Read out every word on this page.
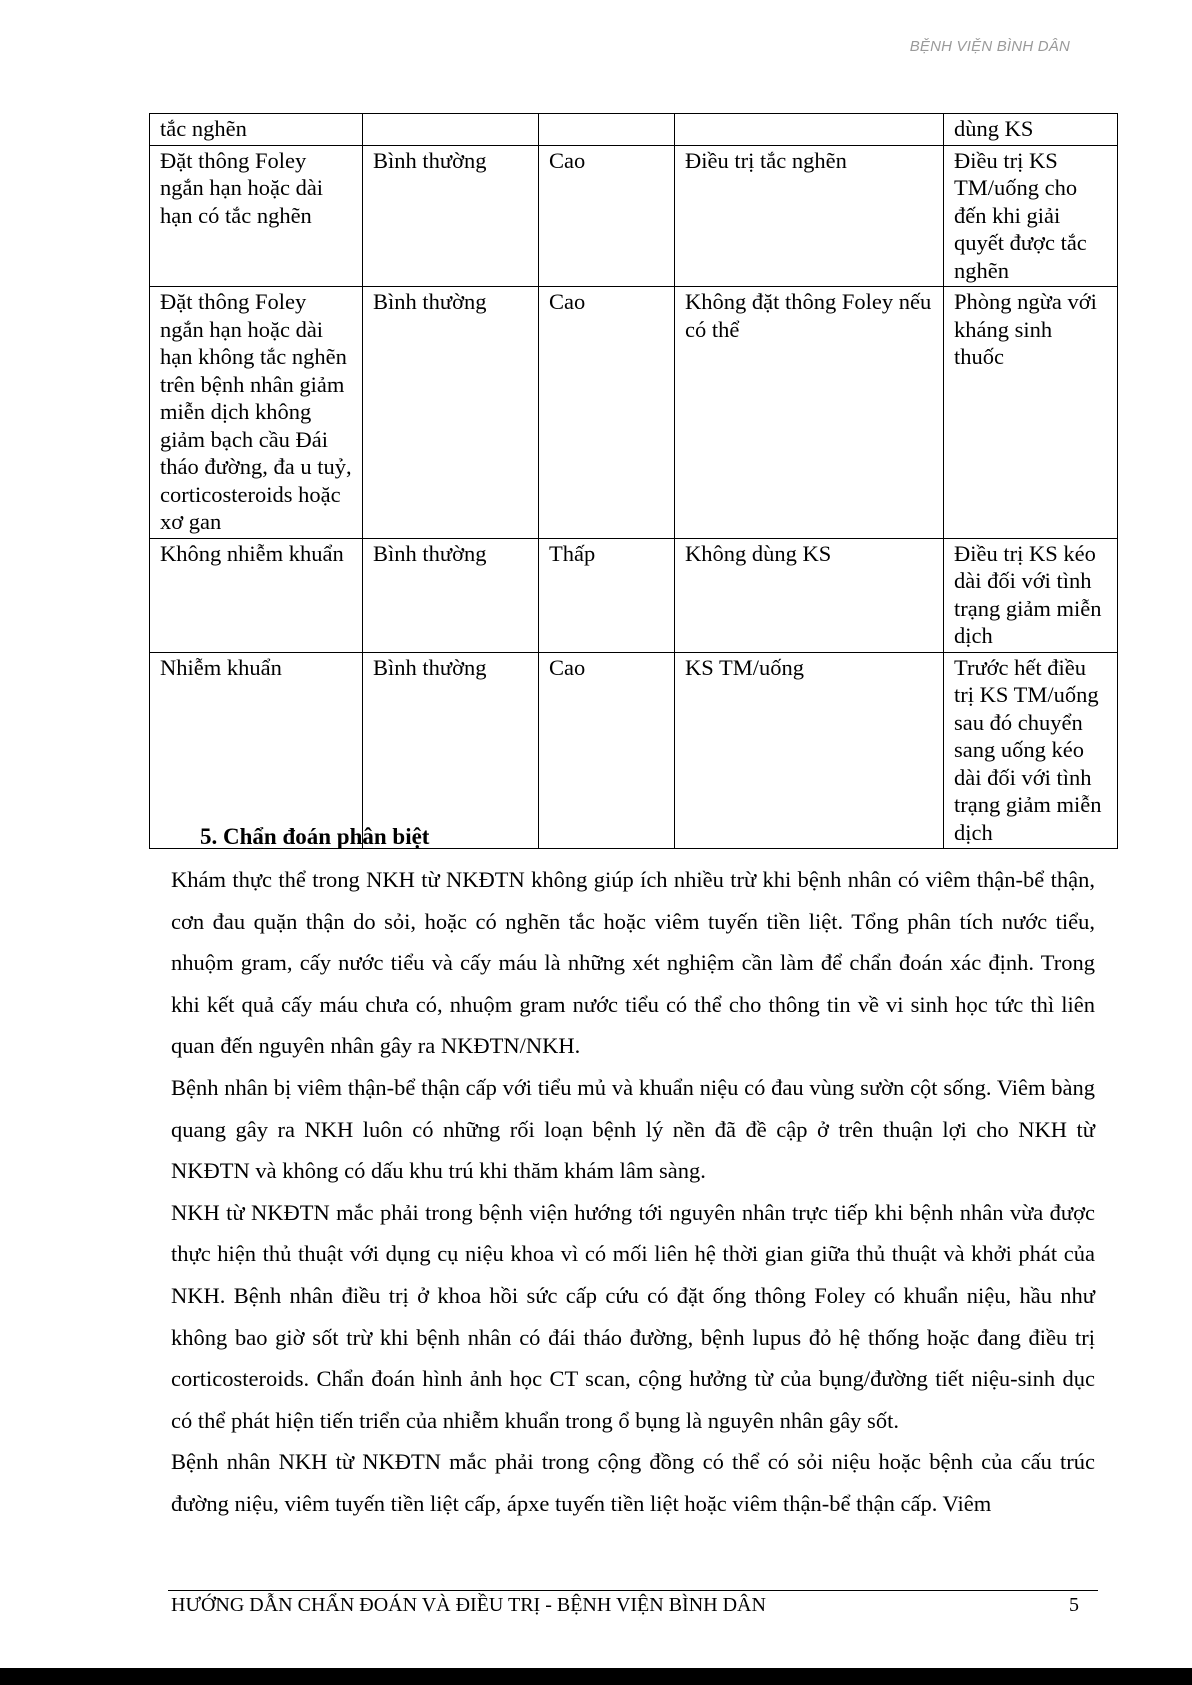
BỆNH VIỆN BÌNH DÂN
tắc nghẽn				dùng KS
Đặt thông Foley ngắn hạn hoặc dài hạn có tắc nghẽn	Bình thường	Cao	Điều trị tắc nghẽn	Điều trị KS TM/uống cho đến khi giải quyết được tắc nghẽn
Đặt thông Foley ngắn hạn hoặc dài hạn không tắc nghẽn trên bệnh nhân giảm miễn dịch không giảm bạch cầu Đái tháo đường, đa u tuỷ, corticosteroids hoặc xơ gan	Bình thường	Cao	Không đặt thông Foley nếu có thể	Phòng ngừa với kháng sinh thuốc
Không nhiễm khuẩn	Bình thường	Thấp	Không dùng KS	Điều trị KS kéo dài đối với tình trạng giảm miễn dịch
Nhiễm khuẩn	Bình thường	Cao	KS TM/uống	Trước hết điều trị KS TM/uống sau đó chuyển sang uống kéo dài đối với tình trạng giảm miễn dịch
5. Chẩn đoán phân biệt

Khám thực thể trong NKH từ NKĐTN không giúp ích nhiều trừ khi bệnh nhân có viêm thận-bể thận, cơn đau quặn thận do sỏi, hoặc có nghẽn tắc hoặc viêm tuyến tiền liệt. Tổng phân tích nước tiểu, nhuộm gram, cấy nước tiểu và cấy máu là những xét nghiệm cần làm để chẩn đoán xác định. Trong khi kết quả cấy máu chưa có, nhuộm gram nước tiểu có thể cho thông tin về vi sinh học tức thì liên quan đến nguyên nhân gây ra NKĐTN/NKH.

Bệnh nhân bị viêm thận-bể thận cấp với tiểu mủ và khuẩn niệu có đau vùng sườn cột sống. Viêm bàng quang gây ra NKH luôn có những rối loạn bệnh lý nền đã đề cập ở trên thuận lợi cho NKH từ NKĐTN và không có dấu khu trú khi thăm khám lâm sàng.

NKH từ NKĐTN mắc phải trong bệnh viện hướng tới nguyên nhân trực tiếp khi bệnh nhân vừa được thực hiện thủ thuật với dụng cụ niệu khoa vì có mối liên hệ thời gian giữa thủ thuật và khởi phát của NKH. Bệnh nhân điều trị ở khoa hồi sức cấp cứu có đặt ống thông Foley có khuẩn niệu, hầu như không bao giờ sốt trừ khi bệnh nhân có đái tháo đường, bệnh lupus đỏ hệ thống hoặc đang điều trị corticosteroids. Chẩn đoán hình ảnh học CT scan, cộng hưởng từ của bụng/đường tiết niệu-sinh dục có thể phát hiện tiến triển của nhiễm khuẩn trong ổ bụng là nguyên nhân gây sốt.

Bệnh nhân NKH từ NKĐTN mắc phải trong cộng đồng có thể có sỏi niệu hoặc bệnh của cấu trúc đường niệu, viêm tuyến tiền liệt cấp, ápxe tuyến tiền liệt hoặc viêm thận-bể thận cấp. Viêm

HƯỚNG DẪN CHẨN ĐOÁN VÀ ĐIỀU TRỊ - BỆNH VIỆN BÌNH DÂN	5
